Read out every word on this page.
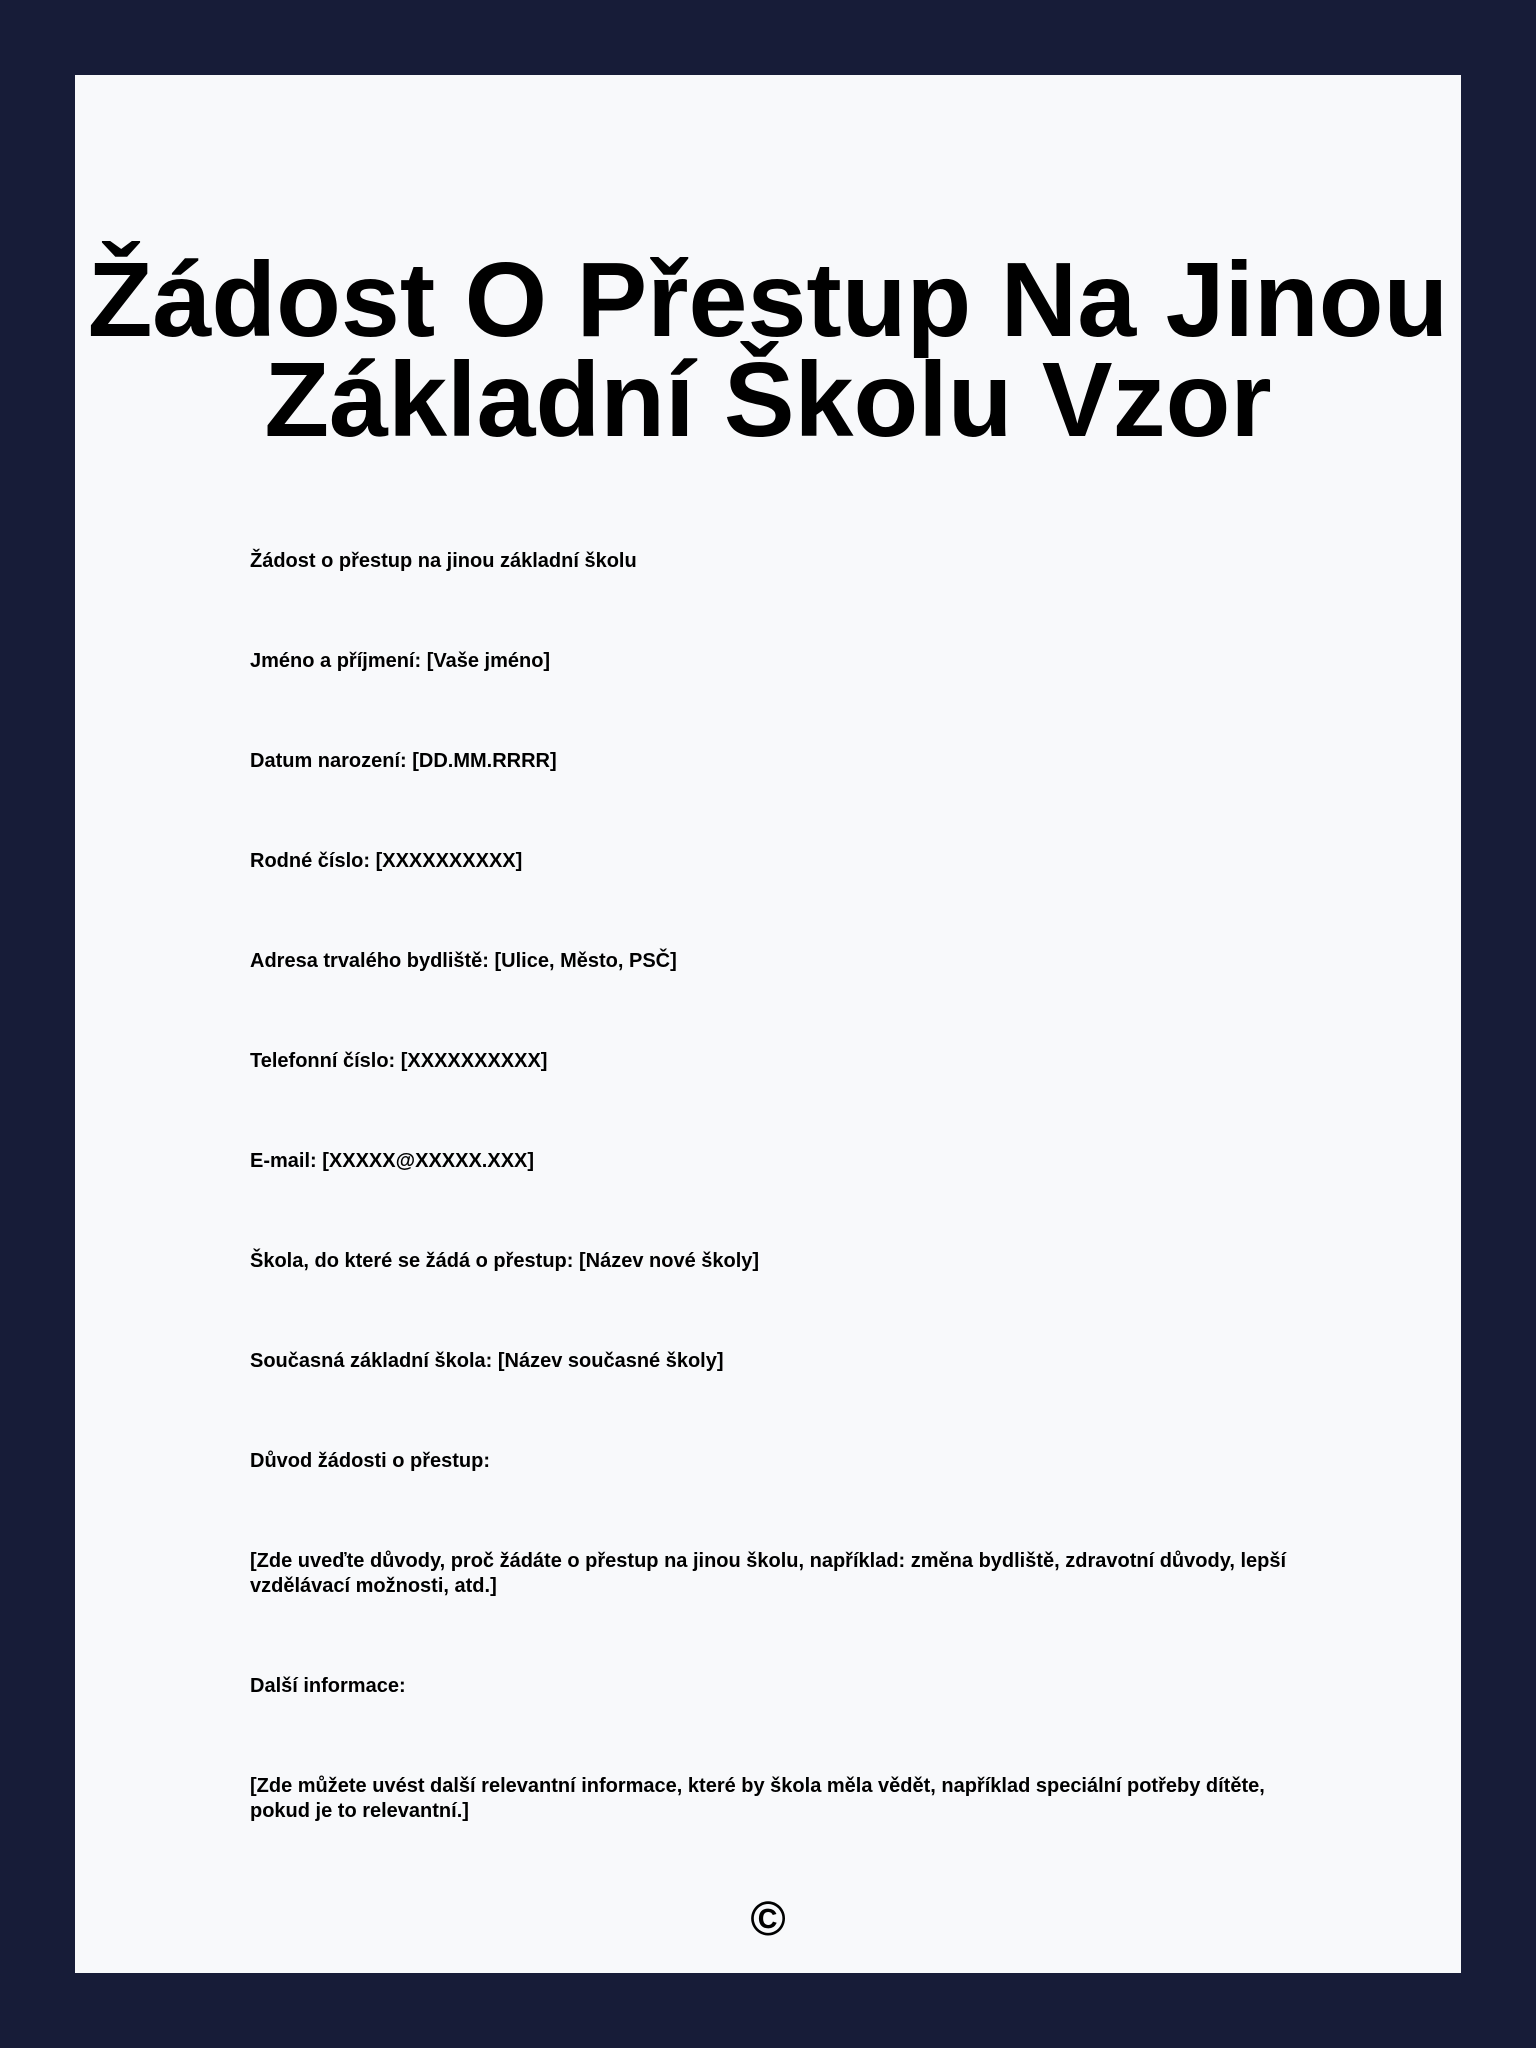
Žádost O Přestup Na Jinou
Základní Školu Vzor

Žádost o přestup na jinou základní školu

Jméno a příjmení: [Vaše jméno]

Datum narození: [DD.MM.RRRR]

Rodné číslo: [XXXXXXXXXX]

Adresa trvalého bydliště: [Ulice, Město, PSČ]

Telefonní číslo: [XXXXXXXXXX]

E-mail: [XXXXX@XXXXX.XXX]

Škola, do které se žádá o přestup: [Název nové školy]

Současná základní škola: [Název současné školy]

Důvod žádosti o přestup:

[Zde uveďte důvody, proč žádáte o přestup na jinou školu, například: změna bydliště, zdravotní důvody, lepší vzdělávací možnosti, atd.]

Další informace:

[Zde můžete uvést další relevantní informace, které by škola měla vědět, například speciální potřeby dítěte, pokud je to relevantní.]

©
